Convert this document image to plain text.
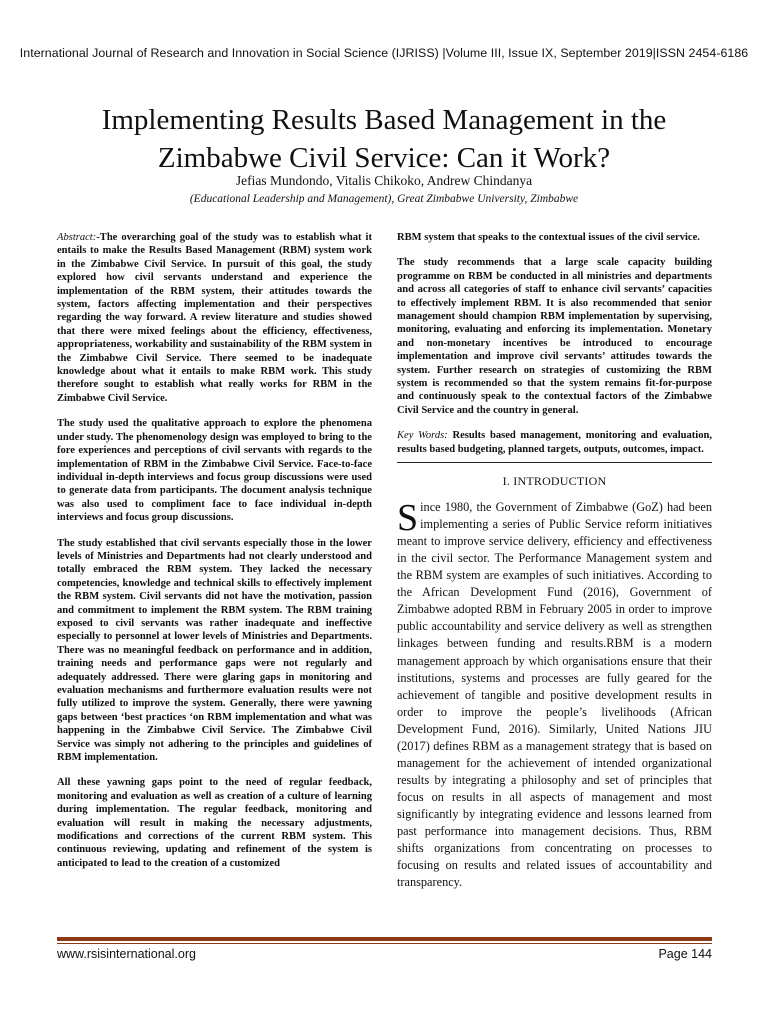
International Journal of Research and Innovation in Social Science (IJRISS) |Volume III, Issue IX, September 2019|ISSN 2454-6186
Implementing Results Based Management in the
Zimbabwe Civil Service: Can it Work?
Jefias Mundondo, Vitalis Chikoko, Andrew Chindanya
(Educational Leadership and Management), Great Zimbabwe University, Zimbabwe

Abstract:-The overarching goal of the study was to establish what it entails to make the Results Based Management (RBM) system work in the Zimbabwe Civil Service. In pursuit of this goal, the study explored how civil servants understand and experience the implementation of the RBM system, their attitudes towards the system, factors affecting implementation and their perspectives regarding the way forward. A review literature and studies showed that there were mixed feelings about the efficiency, effectiveness, appropriateness, workability and sustainability of the RBM system in the Zimbabwe Civil Service. There seemed to be inadequate knowledge about what it entails to make RBM work. This study therefore sought to establish what really works for RBM in the Zimbabwe Civil Service.

The study used the qualitative approach to explore the phenomena under study. The phenomenology design was employed to bring to the fore experiences and perceptions of civil servants with regards to the implementation of RBM in the Zimbabwe Civil Service. Face-to-face individual in-depth interviews and focus group discussions were used to generate data from participants. The document analysis technique was also used to compliment face to face individual in-depth interviews and focus group discussions.

The study established that civil servants especially those in the lower levels of Ministries and Departments had not clearly understood and totally embraced the RBM system. They lacked the necessary competencies, knowledge and technical skills to effectively implement the RBM system. Civil servants did not have the motivation, passion and commitment to implement the RBM system. The RBM training exposed to civil servants was rather inadequate and ineffective especially to personnel at lower levels of Ministries and Departments. There was no meaningful feedback on performance and in addition, training needs and performance gaps were not regularly and adequately addressed. There were glaring gaps in monitoring and evaluation mechanisms and furthermore evaluation results were not fully utilized to improve the system. Generally, there were yawning gaps between ‘best practices ‘on RBM implementation and what was happening in the Zimbabwe Civil Service. The Zimbabwe Civil Service was simply not adhering to the principles and guidelines of RBM implementation.

All these yawning gaps point to the need of regular feedback, monitoring and evaluation as well as creation of a culture of learning during implementation. The regular feedback, monitoring and evaluation will result in making the necessary adjustments, modifications and corrections of the current RBM system. This continuous reviewing, updating and refinement of the system is anticipated to lead to the creation of a customized

RBM system that speaks to the contextual issues of the civil service.

The study recommends that a large scale capacity building programme on RBM be conducted in all ministries and departments and across all categories of staff to enhance civil servants’ capacities to effectively implement RBM. It is also recommended that senior management should champion RBM implementation by supervising, monitoring, evaluating and enforcing its implementation. Monetary and non-monetary incentives be introduced to encourage implementation and improve civil servants’ attitudes towards the system. Further research on strategies of customizing the RBM system is recommended so that the system remains fit-for-purpose and continuously speak to the contextual factors of the Zimbabwe Civil Service and the country in general.

Key Words: Results based management, monitoring and evaluation, results based budgeting, planned targets, outputs, outcomes, impact.

I. INTRODUCTION

Since 1980, the Government of Zimbabwe (GoZ) had been implementing a series of Public Service reform initiatives meant to improve service delivery, efficiency and effectiveness in the civil sector. The Performance Management system and the RBM system are examples of such initiatives. According to the African Development Fund (2016), Government of Zimbabwe adopted RBM in February 2005 in order to improve public accountability and service delivery as well as strengthen linkages between funding and results.RBM is a modern management approach by which organisations ensure that their institutions, systems and processes are fully geared for the achievement of tangible and positive development results in order to improve the people’s livelihoods (African Development Fund, 2016). Similarly, United Nations JIU (2017) defines RBM as a management strategy that is based on management for the achievement of intended organizational results by integrating a philosophy and set of principles that focus on results in all aspects of management and most significantly by integrating evidence and lessons learned from past performance into management decisions. Thus, RBM shifts organizations from concentrating on processes to focusing on results and related issues of accountability and transparency.

www.rsisinternational.org	Page 144
